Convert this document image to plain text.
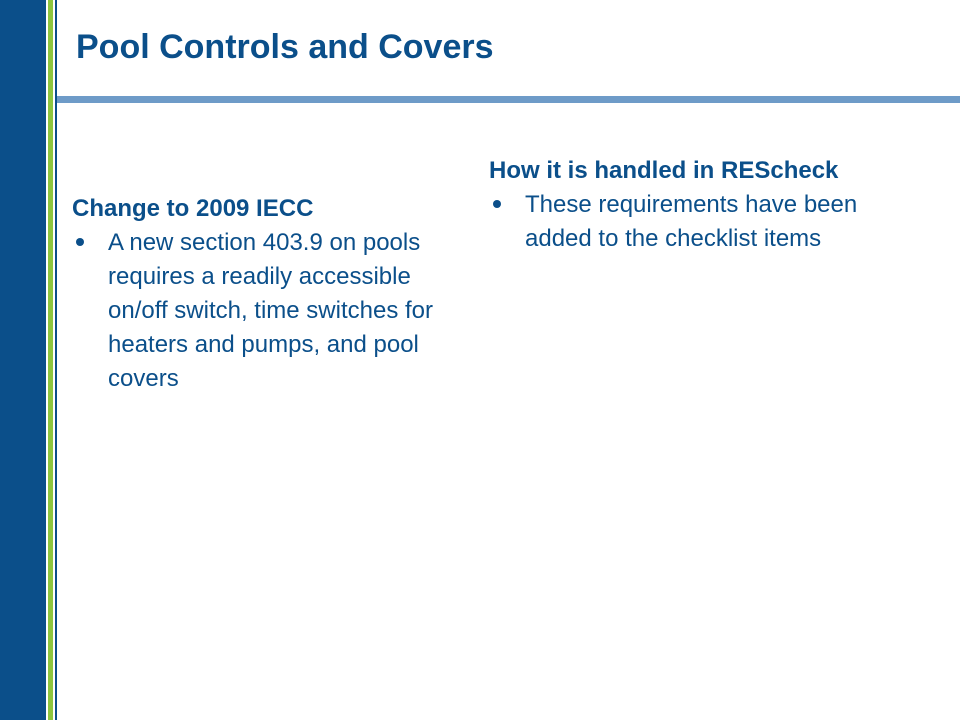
Pool Controls and Covers

Change to 2009 IECC

A new section 403.9 on pools requires a readily accessible on/off switch, time switches for heaters and pumps, and pool covers

How it is handled in REScheck

These requirements have been added to the checklist items
